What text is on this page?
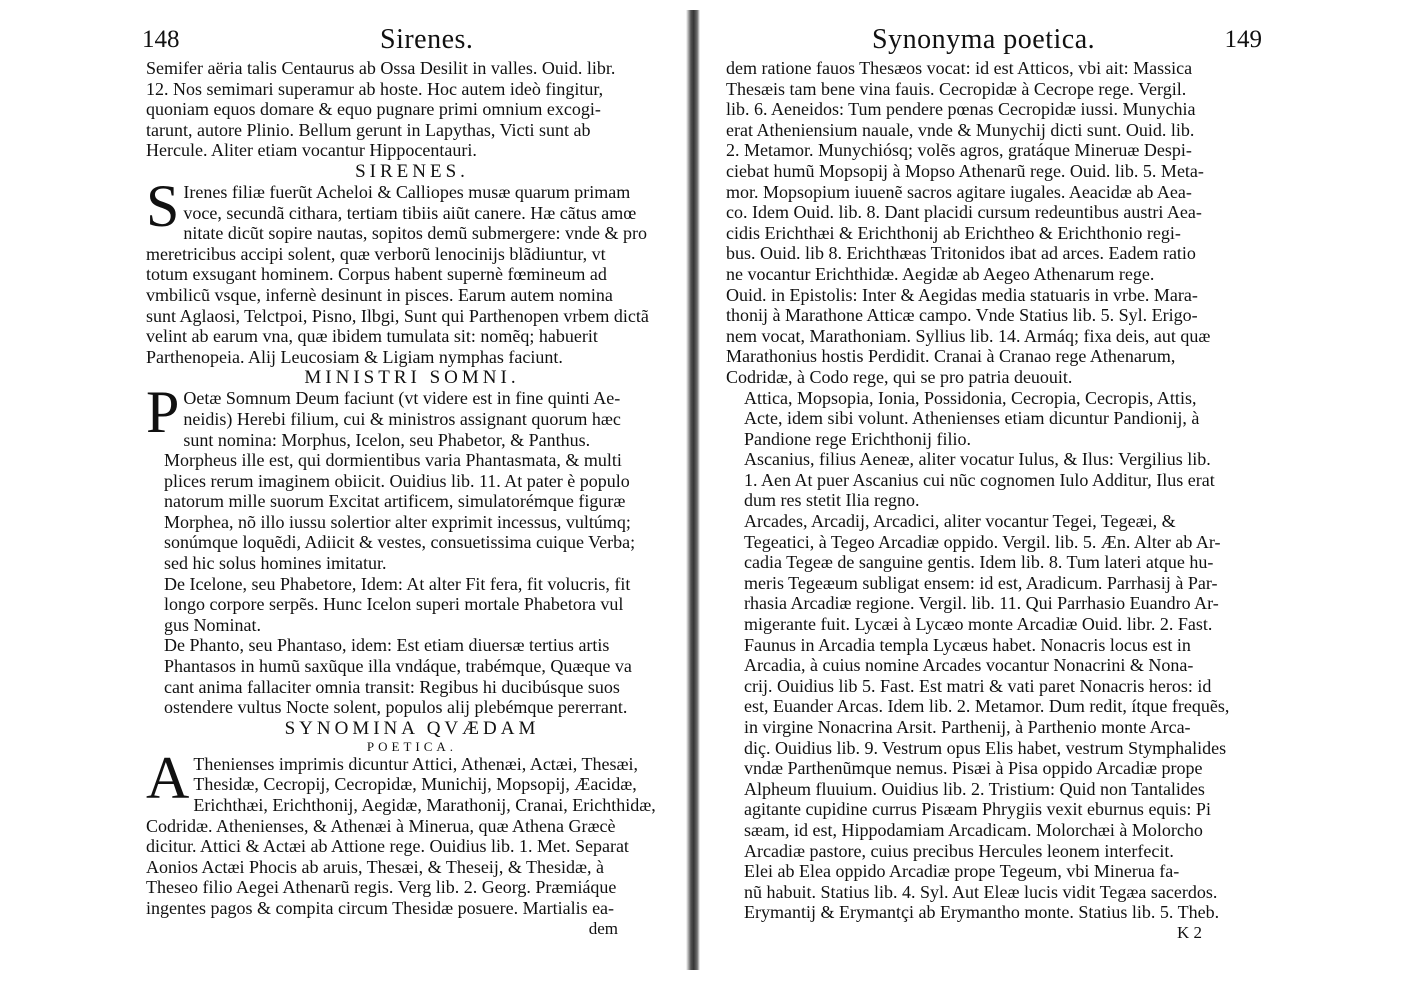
148	Sirenes.

Semifer aëria talis Centaurus ab Ossa Desilit in valles. Ouid. libr.
12. Nos semimari superamur ab hoste. Hoc autem ideò fingitur,
quoniam equos domare & equo pugnare primi omnium excogi-
tarunt, autore Plinio. Bellum gerunt in Lapythas, Victi sunt ab
Hercule. Aliter etiam vocantur Hippocentauri.

SIRENES.

S Irenes filiæ fuerũt Acheloi & Calliopes musæ quarum primam
voce, secundã cithara, tertiam tibiis aiũt canere. Hæ cãtus amœ
nitate dicũt sopire nautas, sopitos demũ submergere: vnde & pro
meretricibus accipi solent, quæ verborũ lenocinijs blãdiuntur, vt
totum exsugant hominem. Corpus habent supernè fœmineum ad
vmbilicũ vsque, infernè desinunt in pisces. Earum autem nomina
sunt Aglaosi, Telctpoi, Pisno, Ilbgi, Sunt qui Parthenopen vrbem dictã
velint ab earum vna, quæ ibidem tumulata sit: nomẽq; habuerit
Parthenopeia. Alij Leucosiam & Ligiam nymphas faciunt.

MINISTRI SOMNI.

P Oetæ Somnum Deum faciunt (vt videre est in fine quinti Ae-
neidis) Herebi filium, cui & ministros assignant quorum hæc
sunt nomina: Morphus, Icelon, seu Phabetor, & Panthus.

Morpheus ille est, qui dormientibus varia Phantasmata, & multi
plices rerum imaginem obiicit. Ouidius lib. 11. At pater è populo
natorum mille suorum Excitat artificem, simulatorémque figuræ
Morphea, nõ illo iussu solertior alter exprimit incessus, vultúmq;
sonúmque loquẽdi, Adiicit & vestes, consuetissima cuique Verba;
sed hic solus homines imitatur.

De Icelone, seu Phabetore, Idem: At alter Fit fera, fit volucris, fit
longo corpore serpẽs. Hunc Icelon superi mortale Phabetora vul
gus Nominat.

De Phanto, seu Phantaso, idem: Est etiam diuersæ tertius artis
Phantasos in humũ saxũque illa vndáque, trabémque, Quæque va
cant anima fallaciter omnia transit: Regibus hi ducibúsque suos
ostendere vultus Nocte solent, populos alij plebémque pererrant.

SYNOMINA QVÆDAM
POETICA.

A Thenienses imprimis dicuntur Attici, Athenæi, Actæi, Thesæi,
Thesidæ, Cecropij, Cecropidæ, Munichij, Mopsopij, Æacidæ,
Erichthæi, Erichthonij, Aegidæ, Marathonij, Cranai, Erichthidæ,
Codridæ. Athenienses, & Athenæi à Minerua, quæ Athena Græcè
dicitur. Attici & Actæi ab Attione rege. Ouidius lib. 1. Met. Separat
Aonios Actæi Phocis ab aruis, Thesæi, & Theseij, & Thesidæ, à
Theseo filio Aegei Athenarũ regis. Verg lib. 2. Georg. Præmiáque
ingentes pagos & compita circum Thesidæ posuere. Martialis ea-

dem
Synonyma poetica.	149

dem ratione fauos Thesæos vocat: id est Atticos, vbi ait: Massica
Thesæis tam bene vina fauis. Cecropidæ à Cecrope rege. Vergil.
lib. 6. Aeneidos: Tum pendere pœnas Cecropidæ iussi. Munychia
erat Atheniensium nauale, vnde & Munychij dicti sunt. Ouid. lib.
2. Metamor. Munychiósq; volẽs agros, gratáque Mineruæ Despi-
ciebat humũ Mopsopij à Mopso Athenarũ rege. Ouid. lib. 5. Meta-
mor. Mopsopium iuuenẽ sacros agitare iugales. Aeacidæ ab Aea-
co. Idem Ouid. lib. 8. Dant placidi cursum redeuntibus austri Aea-
cidis Erichthæi & Erichthonij ab Erichtheo & Erichthonio regi-
bus. Ouid. lib 8. Erichthæas Tritonidos ibat ad arces. Eadem ratio
ne vocantur Erichthidæ. Aegidæ ab Aegeo Athenarum rege.
Ouid. in Epistolis: Inter & Aegidas media statuaris in vrbe. Mara-
thonij à Marathone Atticæ campo. Vnde Statius lib. 5. Syl. Erigo-
nem vocat, Marathoniam. Syllius lib. 14. Armáq; fixa deis, aut quæ
Marathonius hostis Perdidit. Cranai à Cranao rege Athenarum,
Codridæ, à Codo rege, qui se pro patria deuouit.

Attica, Mopsopia, Ionia, Possidonia, Cecropia, Cecropis, Attis,
Acte, idem sibi volunt. Athenienses etiam dicuntur Pandionij, à
Pandione rege Erichthonij filio.

Ascanius, filius Aeneæ, aliter vocatur Iulus, & Ilus: Vergilius lib.
1. Aen At puer Ascanius cui nũc cognomen Iulo Additur, Ilus erat
dum res stetit Ilia regno.

Arcades, Arcadij, Arcadici, aliter vocantur Tegei, Tegeæi, &
Tegeatici, à Tegeo Arcadiæ oppido. Vergil. lib. 5. Æn. Alter ab Ar-
cadia Tegeæ de sanguine gentis. Idem lib. 8. Tum lateri atque hu-
meris Tegeæum subligat ensem: id est, Aradicum. Parrhasij à Par-
rhasia Arcadiæ regione. Vergil. lib. 11. Qui Parrhasio Euandro Ar-
migerante fuit. Lycæi à Lycæo monte Arcadiæ Ouid. libr. 2. Fast.
Faunus in Arcadia templa Lycæus habet. Nonacris locus est in
Arcadia, à cuius nomine Arcades vocantur Nonacrini & Nona-
crij. Ouidius lib 5. Fast. Est matri & vati paret Nonacris heros: id
est, Euander Arcas. Idem lib. 2. Metamor. Dum redit, ítque frequẽs,
in virgine Nonacrina Arsit. Parthenij, à Parthenio monte Arca-
diç. Ouidius lib. 9. Vestrum opus Elis habet, vestrum Stymphalides
vndæ Parthenũmque nemus. Pisæi à Pisa oppido Arcadiæ prope
Alpheum fluuium. Ouidius lib. 2. Tristium: Quid non Tantalides
agitante cupidine currus Pisæam Phrygiis vexit eburnus equis: Pi
sæam, id est, Hippodamiam Arcadicam. Molorchæi à Molorcho
Arcadiæ pastore, cuius precibus Hercules leonem interfecit.

Elei ab Elea oppido Arcadiæ prope Tegeum, vbi Minerua fa-
nũ habuit. Statius lib. 4. Syl. Aut Eleæ lucis vidit Tegæa sacerdos.
Erymantij & Erymantçi ab Erymantho monte. Statius lib. 5. Theb.

K 2
